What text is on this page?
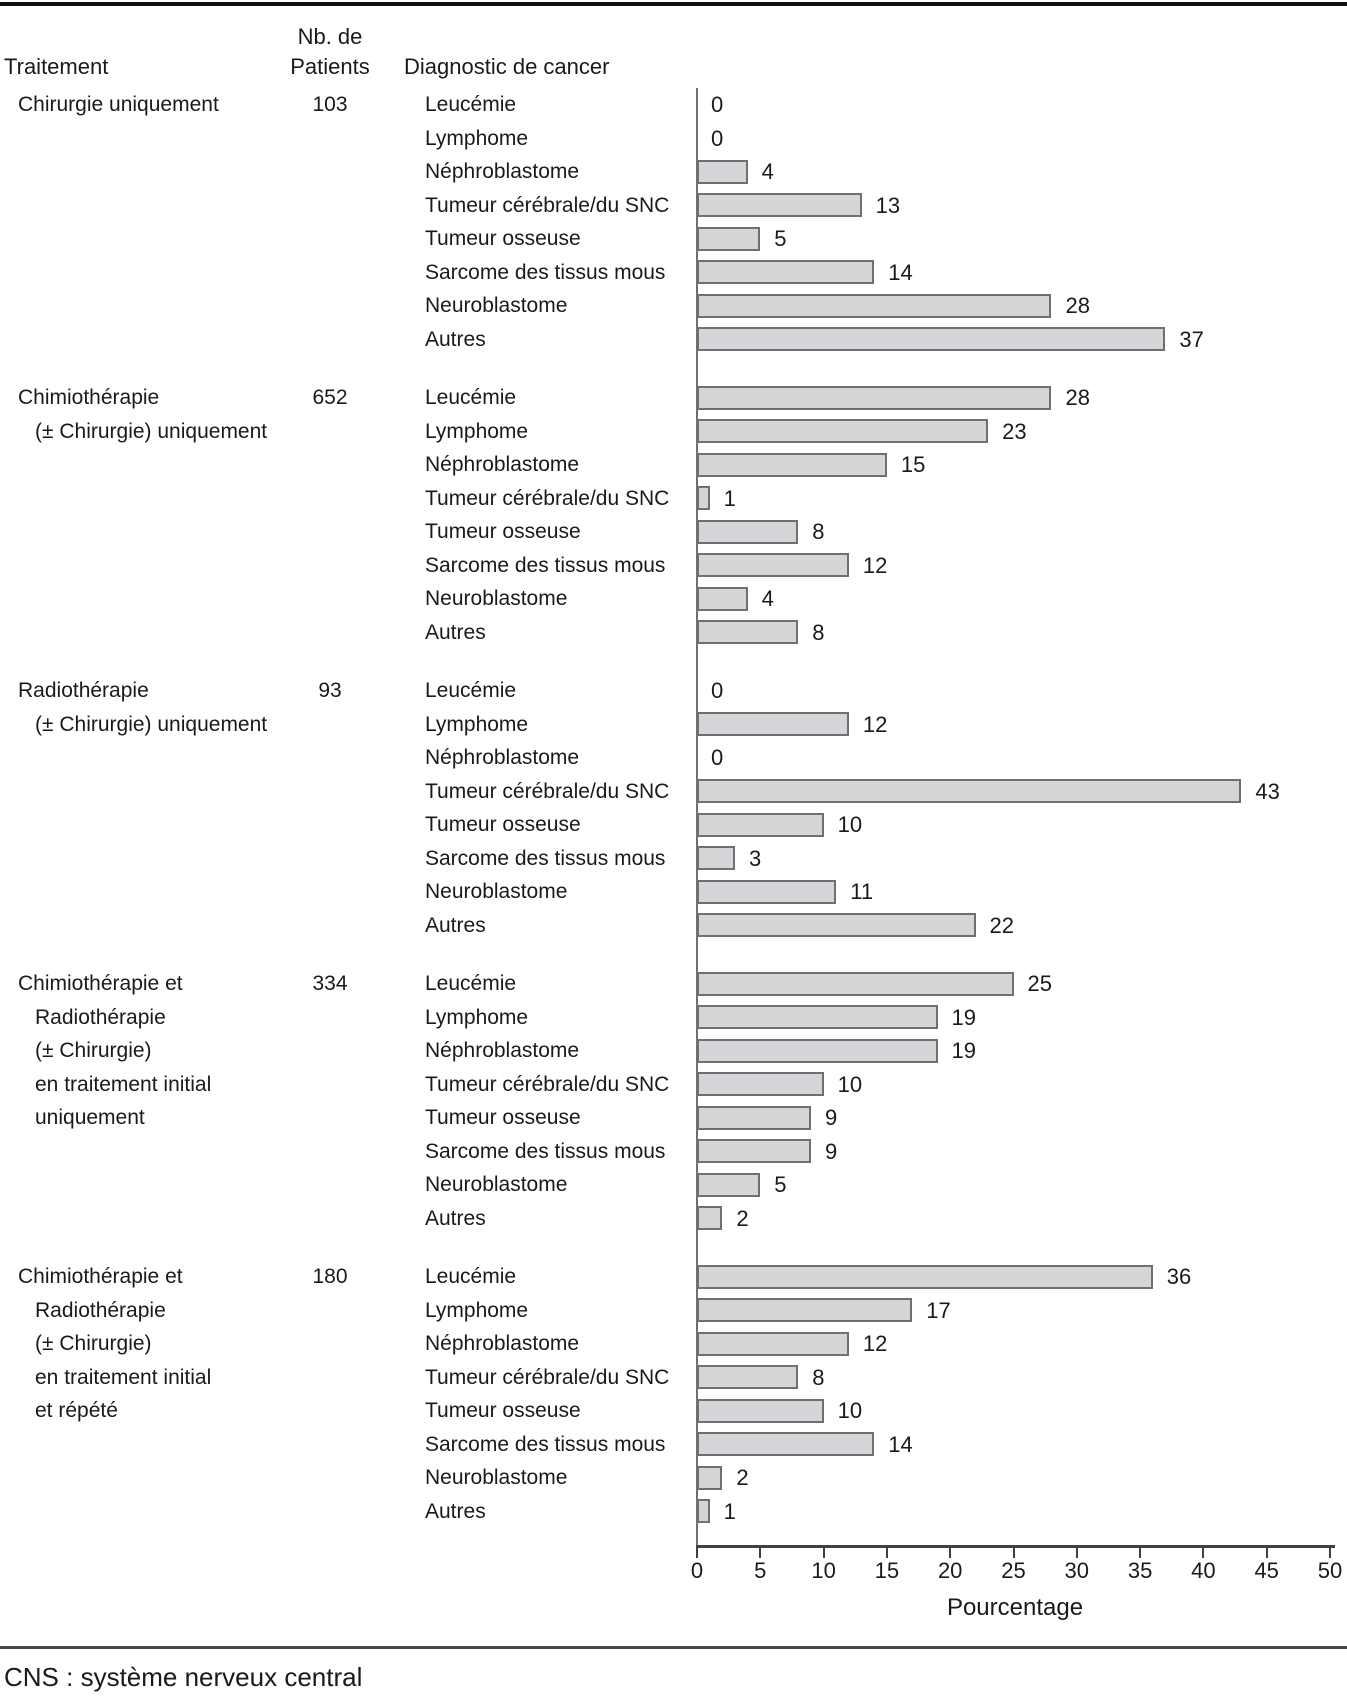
Nb. de
Traitement	Patients	Diagnostic de cancer
Pourcentage
Chirurgie uniquement	103	Leucémie	0
Lymphome	0
Néphroblastome	4
Tumeur cérébrale/du SNC	13
Tumeur osseuse	5
Sarcome des tissus mous	14
Neuroblastome	28
Autres	37
Chimiothérapie
(± Chirurgie) uniquement
652	Leucémie	28
Lymphome	23
Néphroblastome	15
Tumeur cérébrale/du SNC 1
Tumeur osseuse	8
Sarcome des tissus mous	12
Neuroblastome	4
Autres	8
Radiothérapie
(± Chirurgie) uniquement
93	Leucémie	0
Lymphome	12
Néphroblastome	0
Tumeur cérébrale/du SNC	43
Tumeur osseuse	10
Sarcome des tissus mous	3
Neuroblastome	11
Autres	22
Chimiothérapie et
Radiothérapie
(± Chirurgie)
en traitement initial
uniquement
334	Leucémie	25
Lymphome	19
Néphroblastome	19
Tumeur cérébrale/du SNC	10
Tumeur osseuse	9
Sarcome des tissus mous	9
Neuroblastome	5
Autres	2
Chimiothérapie et
Radiothérapie
(± Chirurgie)
en traitement initial
et répété
180	Leucémie	36
Lymphome	17
Néphroblastome	12
Tumeur cérébrale/du SNC	8
Tumeur osseuse	10
Sarcome des tissus mous	14
Neuroblastome	2
Autres	1
0	5	10	15	20	25	30	35	40	45	50
CNS : système nerveux central
